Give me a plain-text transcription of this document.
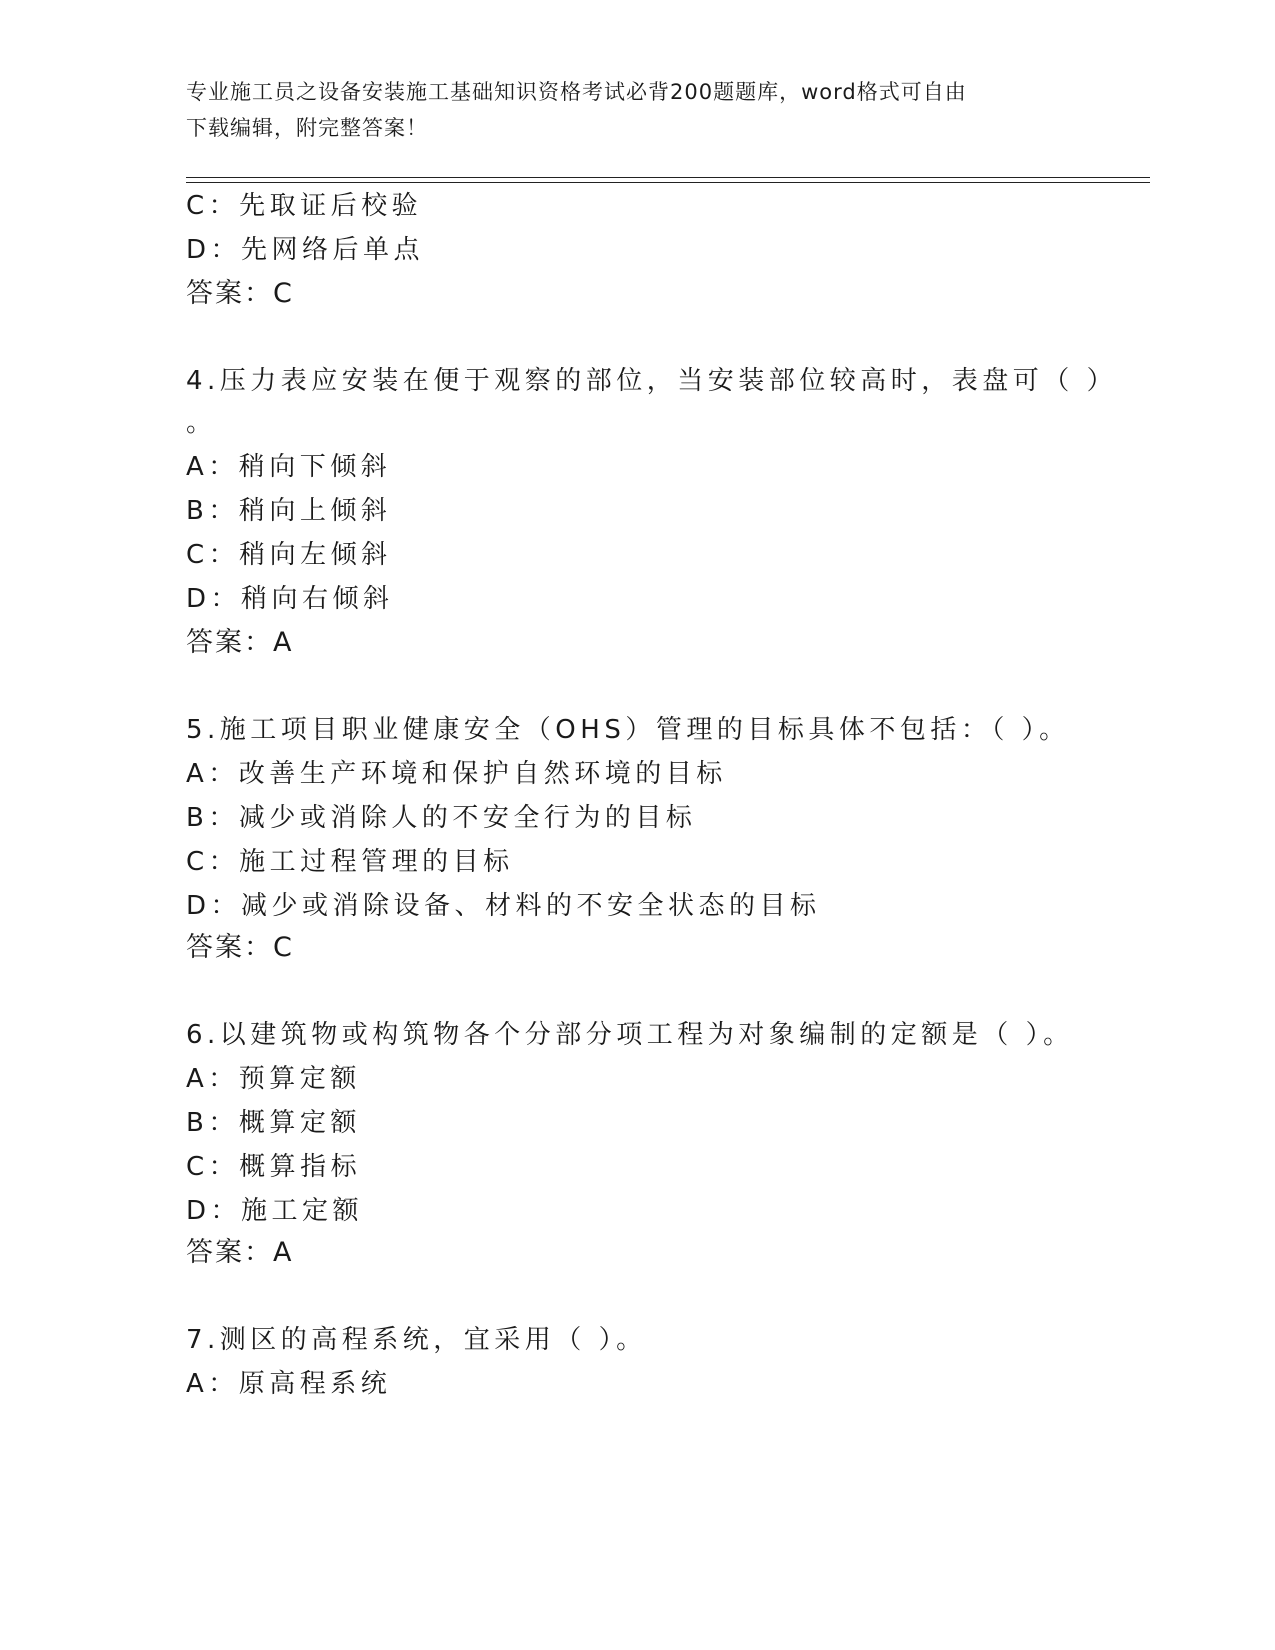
专业施工员之设备安装施工基础知识资格考试必背200题题库，word格式可自由
下载编辑，附完整答案！
C：先取证后校验
D：先网络后单点
答案：C
4.压力表应安装在便于观察的部位，当安装部位较高时，表盘可（ ）
。
A：稍向下倾斜
B：稍向上倾斜
C：稍向左倾斜
D：稍向右倾斜
答案：A
5.施工项目职业健康安全（OHS）管理的目标具体不包括：（ ）。
A：改善生产环境和保护自然环境的目标
B：减少或消除人的不安全行为的目标
C：施工过程管理的目标
D：减少或消除设备、材料的不安全状态的目标
答案：C
6.以建筑物或构筑物各个分部分项工程为对象编制的定额是（ ）。
A：预算定额
B：概算定额
C：概算指标
D：施工定额
答案：A
7.测区的高程系统，宜采用（ ）。
A：原高程系统
